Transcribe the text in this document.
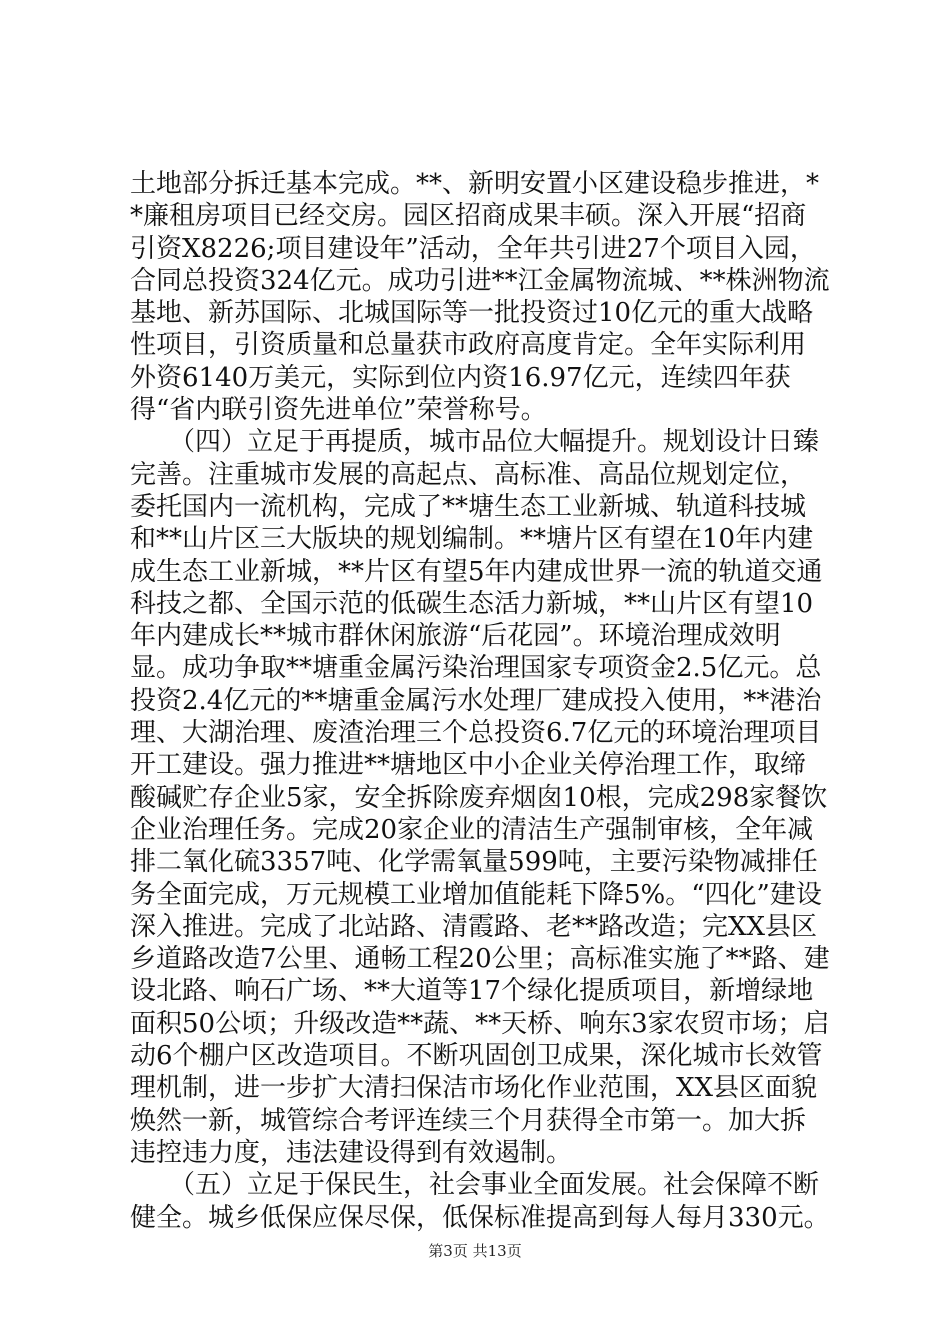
土地部分拆迁基本完成。**、新明安置小区建设稳步推进，**廉租房项目已经交房。园区招商成果丰硕。深入开展“招商引资X8226;项目建设年”活动，全年共引进27个项目入园，合同总投资324亿元。成功引进**江金属物流城、**株洲物流基地、新苏国际、北城国际等一批投资过10亿元的重大战略性项目，引资质量和总量获市政府高度肯定。全年实际利用外资6140万美元，实际到位内资16.97亿元，连续四年获得“省内联引资先进单位”荣誉称号。

　　（四）立足于再提质，城市品位大幅提升。规划设计日臻完善。注重城市发展的高起点、高标准、高品位规划定位，委托国内一流机构，完成了**塘生态工业新城、轨道科技城和**山片区三大版块的规划编制。**塘片区有望在10年内建成生态工业新城，**片区有望5年内建成世界一流的轨道交通科技之都、全国示范的低碳生态活力新城，**山片区有望10年内建成长**城市群休闲旅游“后花园”。环境治理成效明显。成功争取**塘重金属污染治理国家专项资金2.5亿元。总投资2.4亿元的**塘重金属污水处理厂建成投入使用，**港治理、大湖治理、废渣治理三个总投资6.7亿元的环境治理项目开工建设。强力推进**塘地区中小企业关停治理工作，取缔酸碱贮存企业5家，安全拆除废弃烟囱10根，完成298家餐饮企业治理任务。完成20家企业的清洁生产强制审核，全年减排二氧化硫3357吨、化学需氧量599吨，主要污染物减排任务全面完成，万元规模工业增加值能耗下降5%。“四化”建设深入推进。完成了北站路、清霞路、老**路改造；完XX县区乡道路改造7公里、通畅工程20公里；高标准实施了**路、建设北路、响石广场、**大道等17个绿化提质项目，新增绿地面积50公顷；升级改造**蔬、**天桥、响东3家农贸市场；启动6个棚户区改造项目。不断巩固创卫成果，深化城市长效管理机制，进一步扩大清扫保洁市场化作业范围，XX县区面貌焕然一新，城管综合考评连续三个月获得全市第一。加大拆违控违力度，违法建设得到有效遏制。

　　（五）立足于保民生，社会事业全面发展。社会保障不断健全。城乡低保应保尽保，低保标准提高到每人每月330元。

第3页 共13页
